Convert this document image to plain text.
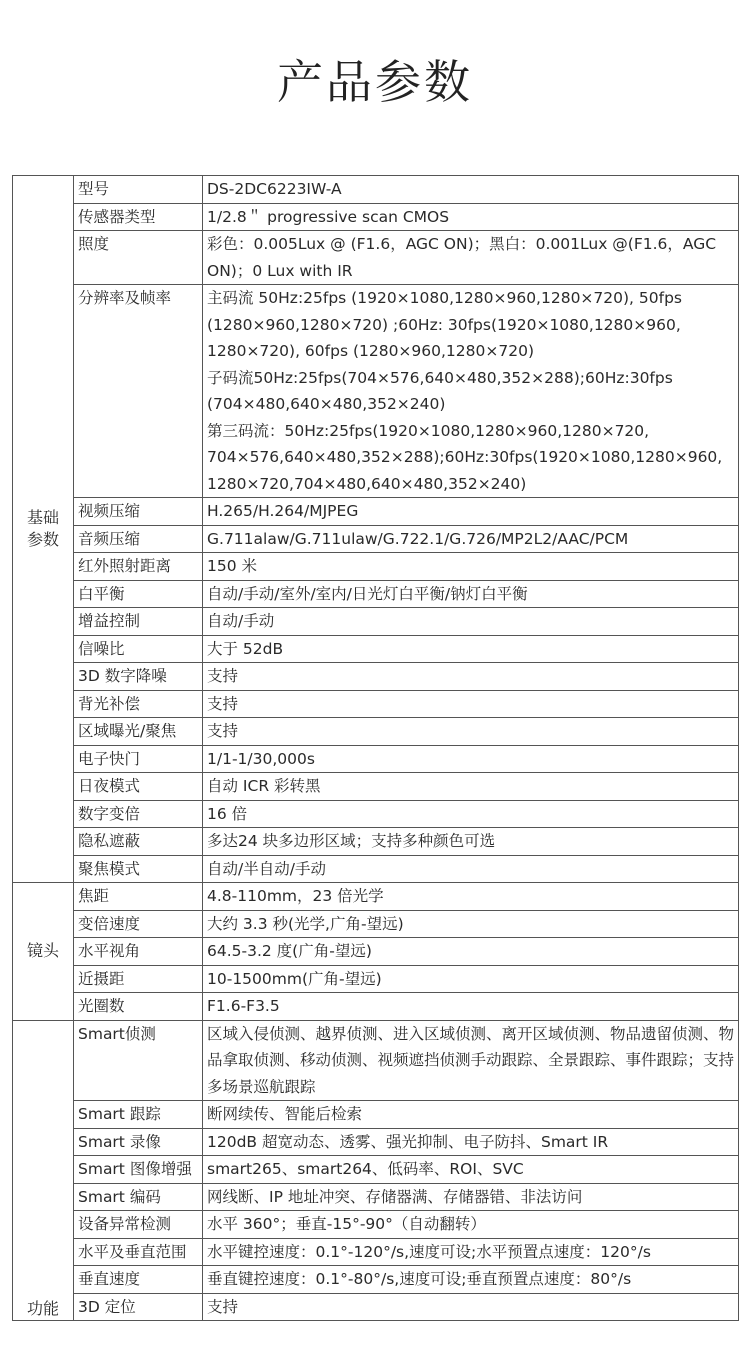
产品参数
基础
参数	型号	DS-2DC6223IW-A
	传感器类型	1/2.8＂ progressive scan CMOS
	照度	彩色：0.005Lux @ (F1.6，AGC ON)；黑白：0.001Lux @(F1.6，AGC ON)；0 Lux with IR
	分辨率及帧率	主码流 50Hz:25fps (1920×1080,1280×960,1280×720), 50fps (1280×960,1280×720) ;60Hz: 30fps(1920×1080,1280×960, 1280×720), 60fps (1280×960,1280×720)
子码流50Hz:25fps(704×576,640×480,352×288);60Hz:30fps (704×480,640×480,352×240)
第三码流：50Hz:25fps(1920×1080,1280×960,1280×720, 704×576,640×480,352×288);60Hz:30fps(1920×1080,1280×960, 1280×720,704×480,640×480,352×240)
	视频压缩	H.265/H.264/MJPEG
	音频压缩	G.711alaw/G.711ulaw/G.722.1/G.726/MP2L2/AAC/PCM
	红外照射距离	150 米
	白平衡	自动/手动/室外/室内/日光灯白平衡/钠灯白平衡
	增益控制	自动/手动
	信噪比	大于 52dB
	3D 数字降噪	支持
	背光补偿	支持
	区域曝光/聚焦	支持
	电子快门	1/1-1/30,000s
	日夜模式	自动 ICR 彩转黑
	数字变倍	16 倍
	隐私遮蔽	多达24 块多边形区域；支持多种颜色可选
	聚焦模式	自动/半自动/手动
镜头	焦距	4.8-110mm，23 倍光学
	变倍速度	大约 3.3 秒(光学,广角-望远)
	水平视角	64.5-3.2 度(广角-望远)
	近摄距	10-1500mm(广角-望远)
	光圈数	F1.6-F3.5
功能	Smart侦测	区域入侵侦测、越界侦测、进入区域侦测、离开区域侦测、物品遗留侦测、物品拿取侦测、移动侦测、视频遮挡侦测手动跟踪、全景跟踪、事件跟踪；支持多场景巡航跟踪
	Smart 跟踪	断网续传、智能后检索
	Smart 录像	120dB 超宽动态、透雾、强光抑制、电子防抖、Smart IR
	Smart 图像增强	smart265、smart264、低码率、ROI、SVC
	Smart 编码	网线断、IP 地址冲突、存储器满、存储器错、非法访问
	设备异常检测	水平 360°；垂直-15°-90°（自动翻转）
	水平及垂直范围	水平键控速度：0.1°-120°/s,速度可设;水平预置点速度：120°/s
	垂直速度	垂直键控速度：0.1°-80°/s,速度可设;垂直预置点速度：80°/s
	3D 定位	支持
